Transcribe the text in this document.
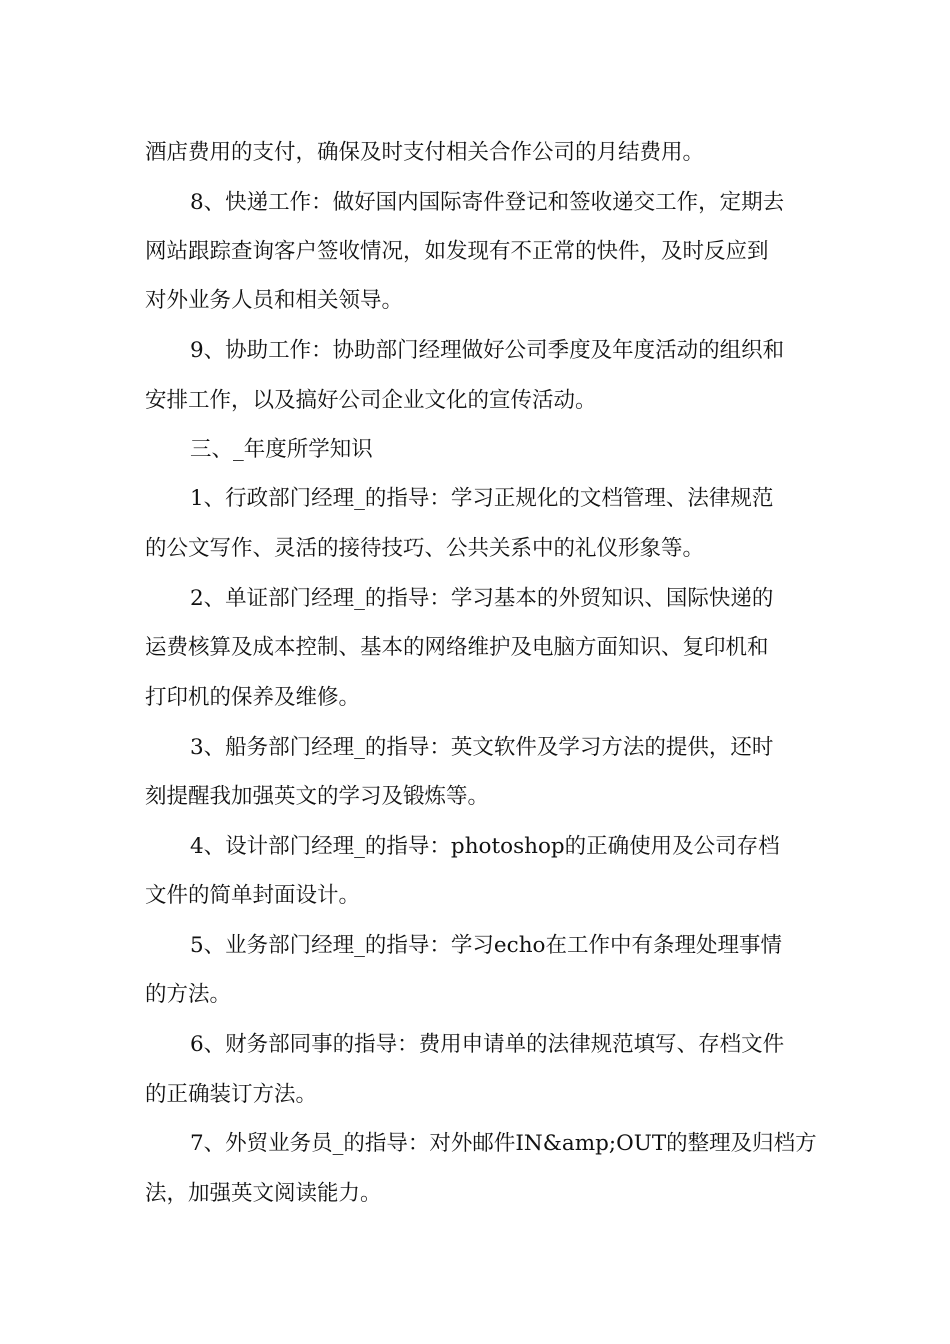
酒店费用的支付，确保及时支付相关合作公司的月结费用。
8、快递工作：做好国内国际寄件登记和签收递交工作，定期去
网站跟踪查询客户签收情况，如发现有不正常的快件，及时反应到
对外业务人员和相关领导。
9、协助工作：协助部门经理做好公司季度及年度活动的组织和
安排工作，以及搞好公司企业文化的宣传活动。
三、_年度所学知识
1、行政部门经理_的指导：学习正规化的文档管理、法律规范
的公文写作、灵活的接待技巧、公共关系中的礼仪形象等。
2、单证部门经理_的指导：学习基本的外贸知识、国际快递的
运费核算及成本控制、基本的网络维护及电脑方面知识、复印机和
打印机的保养及维修。
3、船务部门经理_的指导：英文软件及学习方法的提供，还时
刻提醒我加强英文的学习及锻炼等。
4、设计部门经理_的指导：photoshop的正确使用及公司存档
文件的简单封面设计。
5、业务部门经理_的指导：学习echo在工作中有条理处理事情
的方法。
6、财务部同事的指导：费用申请单的法律规范填写、存档文件
的正确装订方法。
7、外贸业务员_的指导：对外邮件IN&amp;OUT的整理及归档方
法，加强英文阅读能力。
